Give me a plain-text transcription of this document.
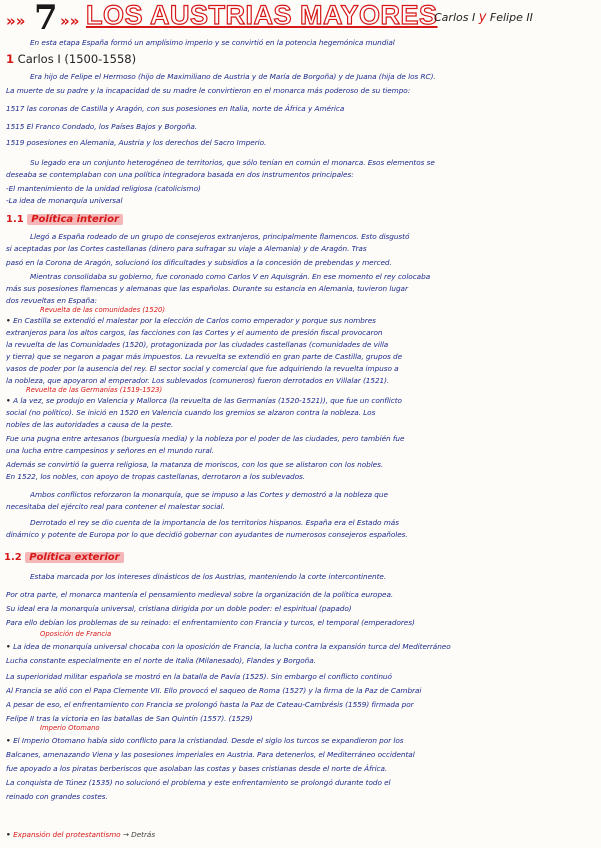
»» 7 »» LOS AUSTRIAS MAYORES
Carlos I y Felipe II
En esta etapa España formó un amplísimo imperio y se convirtió en la potencia hegemónica mundial
1 Carlos I (1500-1558)
Era hijo de Felipe el Hermoso (hijo de Maximiliano de Austria y de María de Borgoña) y de Juana (hija de los RC).
La muerte de su padre y la incapacidad de su madre le convirtieron en el monarca más poderoso de su tiempo:
1517 las coronas de Castilla y Aragón, con sus posesiones en Italia, norte de África y América
1515 El Franco Condado, los Países Bajos y Borgoña.
1519 posesiones en Alemania, Austria y los derechos del Sacro Imperio.
Su legado era un conjunto heterogéneo de territorios, que sólo tenían en común el monarca. Esos elementos se
deseaba se contemplaban con una política integradora basada en dos instrumentos principales:
-El mantenimiento de la unidad religiosa (catolicismo)
-La idea de monarquía universal
1.1 Política interior
Llegó a España rodeado de un grupo de consejeros extranjeros, principalmente flamencos. Esto disgustó
si aceptadas por las Cortes castellanas (dinero para sufragar su viaje a Alemania) y de Aragón. Tras
pasó en la Corona de Aragón, solucionó los dificultades y subsidios a la concesión de prebendas y merced.
Mientras consolidaba su gobierno, fue coronado como Carlos V en Aquisgrán. En ese momento el rey colocaba
más sus posesiones flamencas y alemanas que las españolas. Durante su estancia en Alemania, tuvieron lugar
dos revueltas en España:
Revuelta de las comunidades (1520)
• En Castilla se extendió el malestar por la elección de Carlos como emperador y porque sus nombres
extranjeros para los altos cargos, las facciones con las Cortes y el aumento de presión fiscal provocaron
la revuelta de las Comunidades (1520), protagonizada por las ciudades castellanas (comunidades de villa
y tierra) que se negaron a pagar más impuestos. La revuelta se extendió en gran parte de Castilla, grupos de
vasos de poder por la ausencia del rey. El sector social y comercial que fue adquiriendo la revuelta impuso a
la nobleza, que apoyaron al emperador. Los sublevados (comuneros) fueron derrotados en Villalar (1521).
Revuelta de las Germanías (1519-1523)
• A la vez, se produjo en Valencia y Mallorca (la revuelta de las Germanías (1520-1521)), que fue un conflicto
social (no político). Se inició en 1520 en Valencia cuando los gremios se alzaron contra la nobleza. Los
nobles de las autoridades a causa de la peste.
Fue una pugna entre artesanos (burguesía media) y la nobleza por el poder de las ciudades, pero también fue
una lucha entre campesinos y señores en el mundo rural.
Además se convirtió la guerra religiosa, la matanza de moriscos, con los que se alistaron con los nobles.
En 1522, los nobles, con apoyo de tropas castellanas, derrotaron a los sublevados.
Ambos conflictos reforzaron la monarquía, que se impuso a las Cortes y demostró a la nobleza que
necesitaba del ejército real para contener el malestar social.
Derrotado el rey se dio cuenta de la importancia de los territorios hispanos. España era el Estado más
dinámico y potente de Europa por lo que decidió gobernar con ayudantes de numerosos consejeros españoles.
1.2 Política exterior
Estaba marcada por los intereses dinásticos de los Austrias, manteniendo la corte intercontinente.
Por otra parte, el monarca mantenía el pensamiento medieval sobre la organización de la política europea.
Su ideal era la monarquía universal, cristiana dirigida por un doble poder: el espiritual (papado)
Para ello debían los problemas de su reinado: el enfrentamiento con Francia y turcos, el temporal (emperadores)
Oposición de Francia
• La idea de monarquía universal chocaba con la oposición de Francia, la lucha contra la expansión turca del Mediterráneo
Lucha constante especialmente en el norte de Italia (Milanesado), Flandes y Borgoña.
La superioridad militar española se mostró en la batalla de Pavía (1525). Sin embargo el conflicto continuó
Al Francia se alió con el Papa Clemente VII. Ello provocó el saqueo de Roma (1527) y la firma de la Paz de Cambrai
A pesar de eso, el enfrentamiento con Francia se prolongó hasta la Paz de Cateau-Cambrésis (1559) firmada por
Felipe II tras la victoria en las batallas de San Quintín (1557). (1529)
Imperio Otomano
• El Imperio Otomano había sido conflicto para la cristiandad. Desde el siglo los turcos se expandieron por los
Balcanes, amenazando Viena y las posesiones imperiales en Austria. Para detenerlos, el Mediterráneo occidental
fue apoyado a los piratas berberiscos que asolaban las costas y bases cristianas desde el norte de África.
La conquista de Túnez (1535) no solucionó el problema y este enfrentamiento se prolongó durante todo el
reinado con grandes costes.
• Expansión del protestantismo → Detrás
